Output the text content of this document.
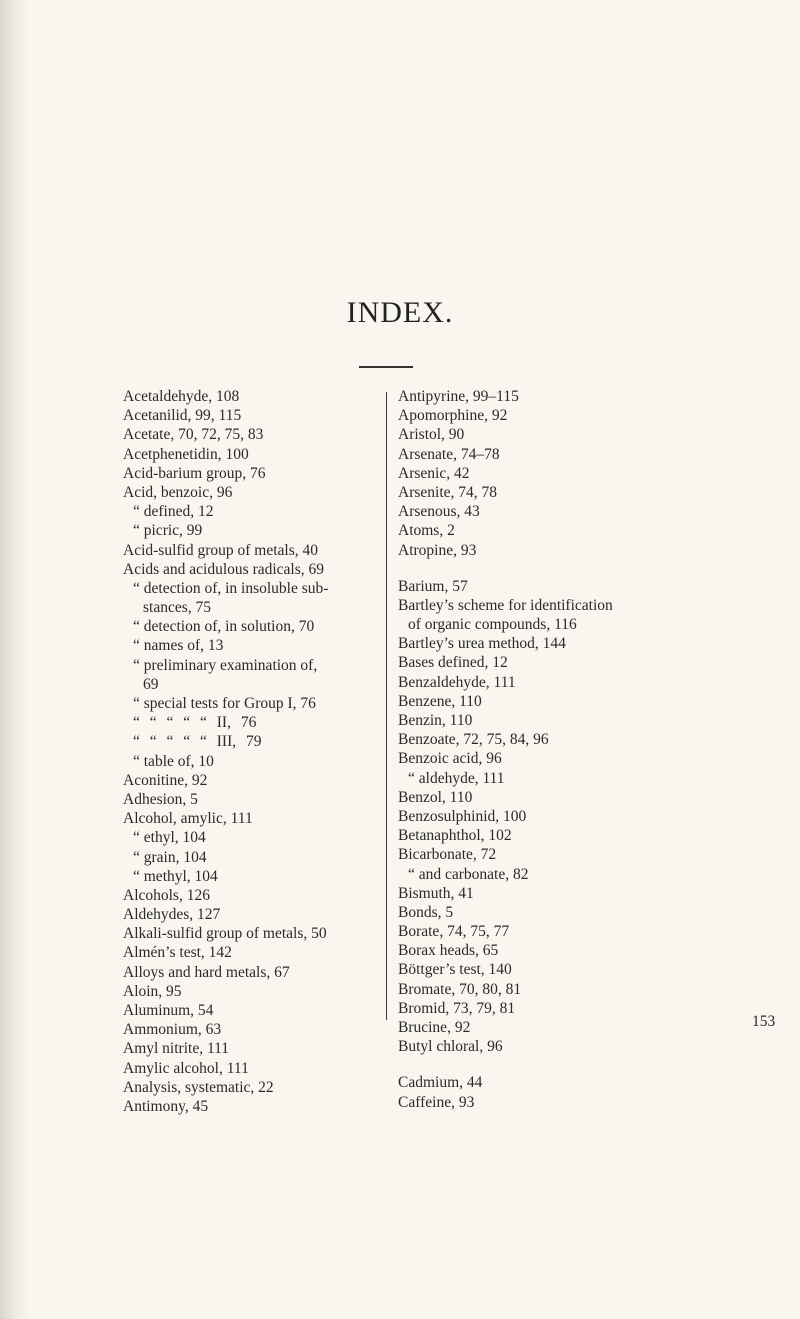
INDEX.
Acetaldehyde, 108
Acetanilid, 99, 115
Acetate, 70, 72, 75, 83
Acetphenetidin, 100
Acid-barium group, 76
Acid, benzoic, 96
“ defined, 12
“ picric, 99
Acid-sulfid group of metals, 40
Acids and acidulous radicals, 69
“ detection of, in insoluble sub-
stances, 75
“ detection of, in solution, 70
“ names of, 13
“ preliminary examination of,
69
“ special tests for Group I, 76
“ “ “ “ “ II, 76
“ “ “ “ “ III, 79
“ table of, 10
Aconitine, 92
Adhesion, 5
Alcohol, amylic, 111
“ ethyl, 104
“ grain, 104
“ methyl, 104
Alcohols, 126
Aldehydes, 127
Alkali-sulfid group of metals, 50
Almén’s test, 142
Alloys and hard metals, 67
Aloin, 95
Aluminum, 54
Ammonium, 63
Amyl nitrite, 111
Amylic alcohol, 111
Analysis, systematic, 22
Antimony, 45
Antipyrine, 99–115
Apomorphine, 92
Aristol, 90
Arsenate, 74–78
Arsenic, 42
Arsenite, 74, 78
Arsenous, 43
Atoms, 2
Atropine, 93
Barium, 57
Bartley’s scheme for identification
of organic compounds, 116
Bartley’s urea method, 144
Bases defined, 12
Benzaldehyde, 111
Benzene, 110
Benzin, 110
Benzoate, 72, 75, 84, 96
Benzoic acid, 96
“ aldehyde, 111
Benzol, 110
Benzosulphinid, 100
Betanaphthol, 102
Bicarbonate, 72
“ and carbonate, 82
Bismuth, 41
Bonds, 5
Borate, 74, 75, 77
Borax heads, 65
Böttger’s test, 140
Bromate, 70, 80, 81
Bromid, 73, 79, 81
Brucine, 92
Butyl chloral, 96
Cadmium, 44
Caffeine, 93
153
